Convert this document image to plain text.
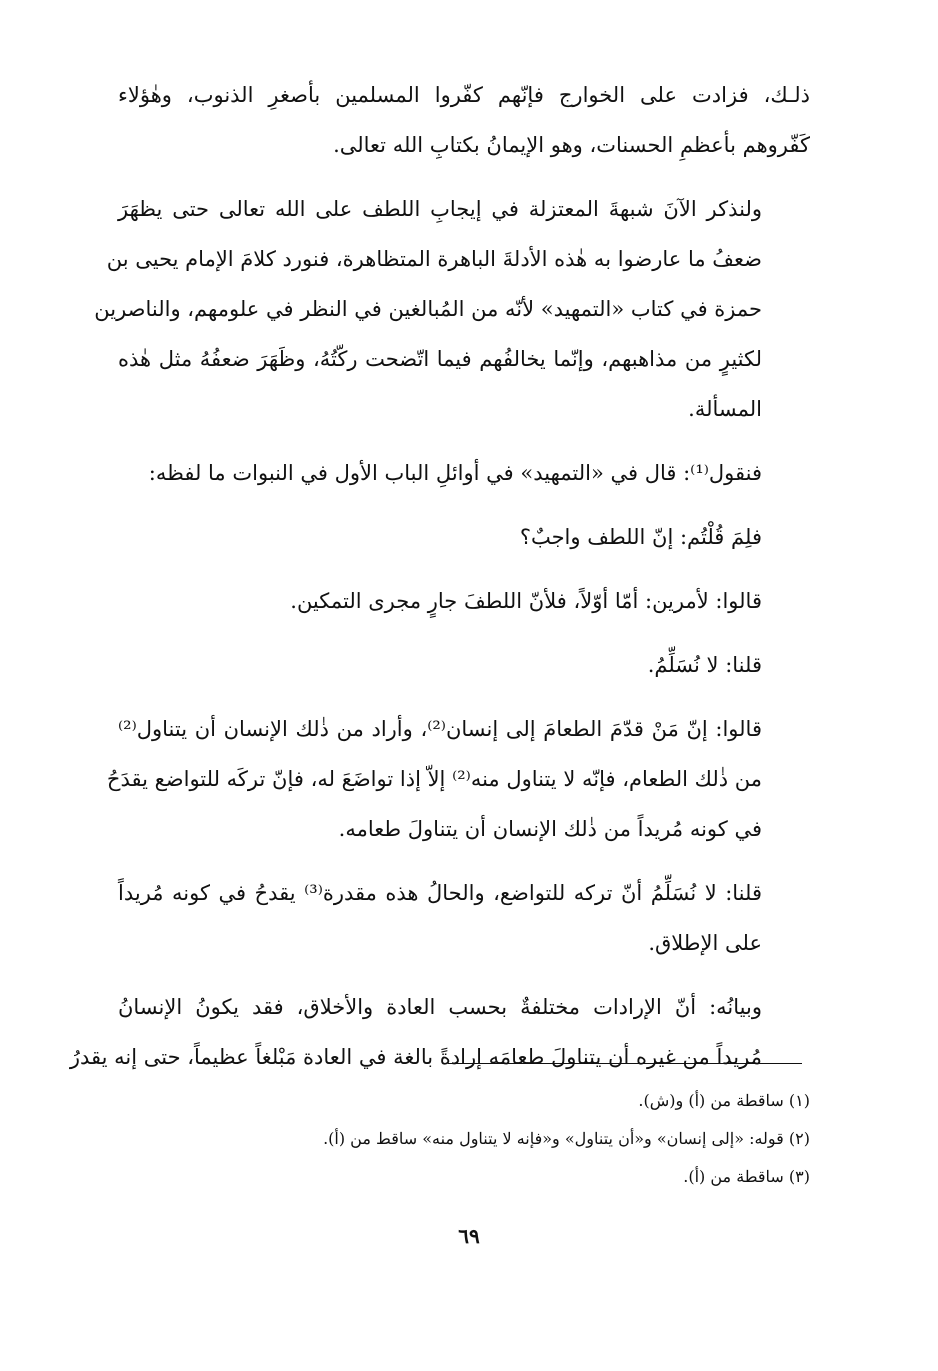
ذلـك، فزادت على الخوارج فإنّهم كفّروا المسلمين بأصغرِ الذنوب، وهٰؤلاء
كَفّروهم بأعظمِ الحسنات، وهو الإيمانُ بكتابِ الله تعالى.
ولنذكر الآنَ شبهةَ المعتزلة في إيجابِ اللطف على الله تعالى حتى يظهَرَ
ضعفُ ما عارضوا به هٰذه الأدلةَ الباهرة المتظاهرة، فنورد كلامَ الإمام يحيى بن
حمزة في كتاب «التمهيد» لأنّه من المُبالغين في النظر في علومهم، والناصرين
لكثيرٍ من مذاهبهم، وإنّما يخالفُهم فيما اتّضحت ركّتُهُ، وظَهَرَ ضعفُهُ مثل هٰذه
المسألة.
فنقول⁽¹⁾: قال في «التمهيد» في أوائلِ الباب الأول في النبوات ما لفظه:
فلِمَ قُلْتُم: إنّ اللطف واجبٌ؟
قالوا: لأمرين: أمّا أوّلاً، فلأنّ اللطفَ جارٍ مجرى التمكين.
قلنا: لا نُسَلِّمُ.
قالوا: إنّ مَنْ قدّمَ الطعامَ إلى إنسان⁽²⁾، وأراد من ذٰلك الإنسان أن يتناول⁽²⁾
من ذٰلك الطعام، فإنّه لا يتناول منه⁽²⁾ إلاّ إذا تواضَعَ له، فإنّ تركَه للتواضع يقدَحُ
في كونه مُريداً من ذٰلك الإنسان أن يتناولَ طعامه.
قلنا: لا نُسَلِّمُ أنّ تركه للتواضع، والحالُ هذه مقدرة⁽³⁾ يقدحُ في كونه مُريداً
على الإطلاق.
وبيانُه: أنّ الإرادات مختلفةٌ بحسب العادة والأخلاق، فقد يكونُ الإنسانُ
مُريداً من غيره أن يتناولَ طعامَه إرادةً بالغة في العادة مَبْلغاً عظيماً، حتى إنه يقدرُ
(١) ساقطة من (أ) و(ش).
(٢) قوله: «إلى إنسان» و«أن يتناول» و«فإنه لا يتناول منه» ساقط من (أ).
(٣) ساقطة من (أ).
٦٩
